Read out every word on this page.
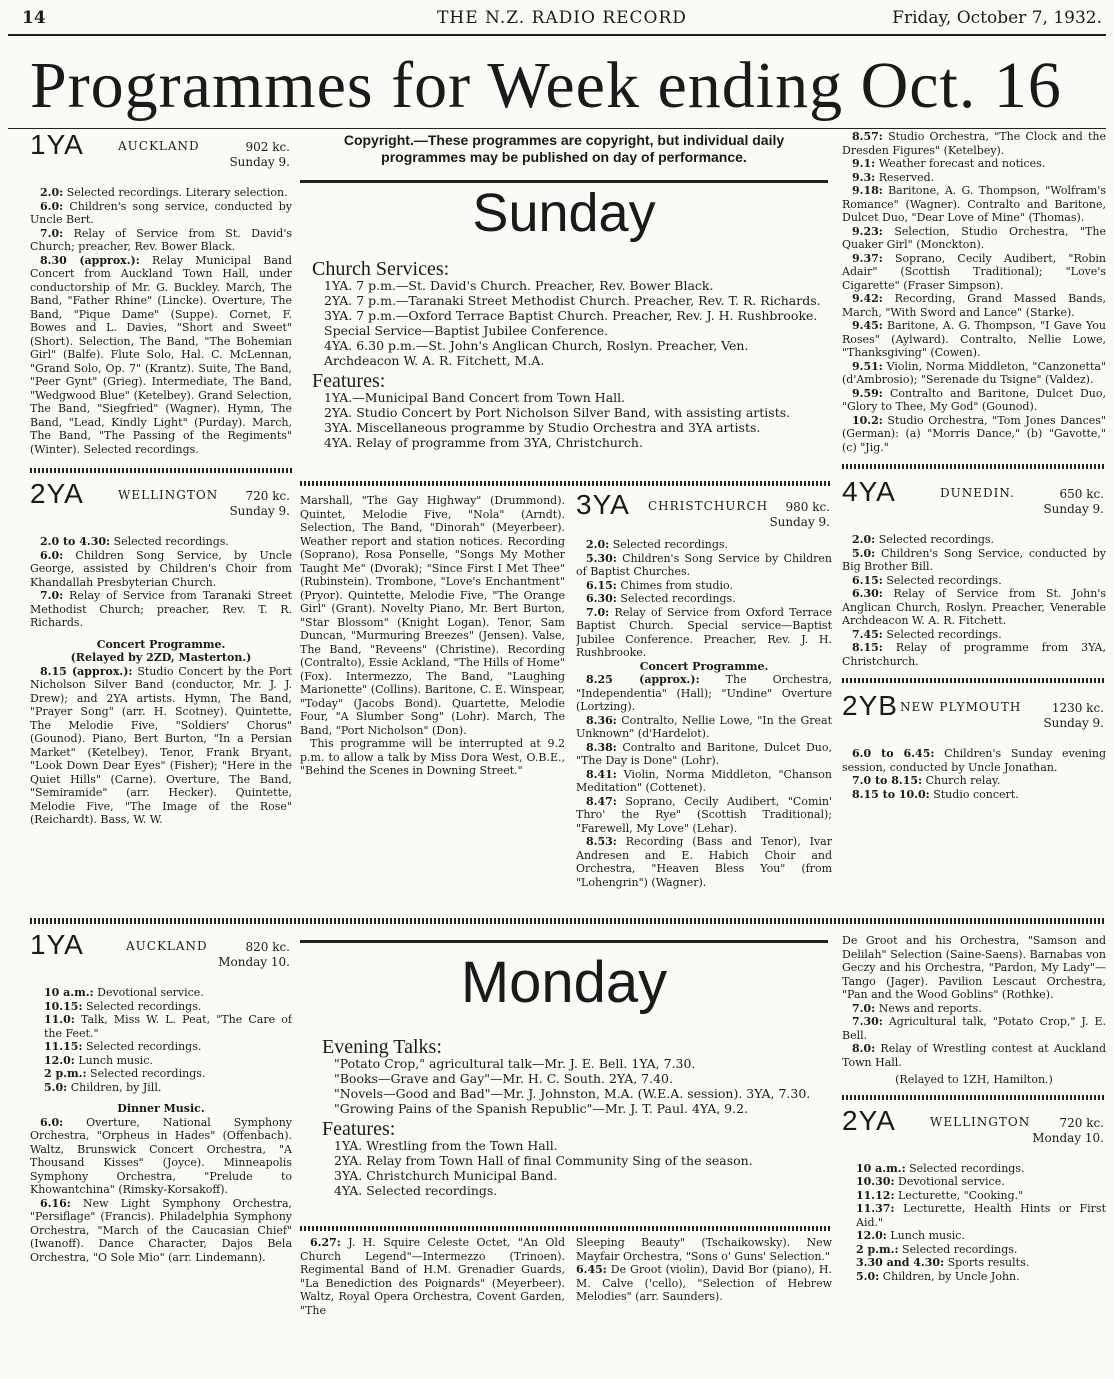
14	THE N.Z. RADIO RECORD	Friday, October 7, 1932.
Programmes for Week ending Oct. 16
1YA	AUCKLAND	902 kc.
Sunday 9.

2.0: Selected recordings. Literary selection.

6.0: Children's song service, conducted by Uncle Bert.

7.0: Relay of Service from St. David's Church; preacher, Rev. Bower Black.

8.30 (approx.): Relay Municipal Band Concert from Auckland Town Hall, under conductorship of Mr. G. Buckley. March, The Band, "Father Rhine" (Lincke). Overture, The Band, "Pique Dame" (Suppe). Cornet, F. Bowes and L. Davies, "Short and Sweet" (Short). Selection, The Band, "The Bohemian Girl" (Balfe). Flute Solo, Hal. C. McLennan, "Grand Solo, Op. 7" (Krantz). Suite, The Band, "Peer Gynt" (Grieg). Intermediate, The Band, "Wedgwood Blue" (Ketelbey). Grand Selection, The Band, "Siegfried" (Wagner). Hymn, The Band, "Lead, Kindly Light" (Purday). March, The Band, "The Passing of the Regiments" (Winter). Selected recordings.

2YA	WELLINGTON	720 kc.
Sunday 9.

2.0 to 4.30: Selected recordings.

6.0: Children Song Service, by Uncle George, assisted by Children's Choir from Khandallah Presbyterian Church.

7.0: Relay of Service from Taranaki Street Methodist Church; preacher, Rev. T. R. Richards.

Concert Programme.

(Relayed by 2ZD, Masterton.)

8.15 (approx.): Studio Concert by the Port Nicholson Silver Band (conductor, Mr. J. J. Drew); and 2YA artists. Hymn, The Band, "Prayer Song" (arr. H. Scotney). Quintette, The Melodie Five, "Soldiers' Chorus" (Gounod). Piano, Bert Burton, "In a Persian Market" (Ketelbey). Tenor, Frank Bryant, "Look Down Dear Eyes" (Fisher); "Here in the Quiet Hills" (Carne). Overture, The Band, "Semiramide" (arr. Hecker). Quintette, Melodie Five, "The Image of the Rose" (Reichardt). Bass, W. W.

Copyright.—These programmes are copyright, but individual daily programmes may be published on day of performance.
Sunday
Church Services:
1YA. 7 p.m.—St. David's Church. Preacher, Rev. Bower Black.
2YA. 7 p.m.—Taranaki Street Methodist Church. Preacher, Rev. T. R. Richards.
3YA. 7 p.m.—Oxford Terrace Baptist Church. Preacher, Rev. J. H. Rushbrooke. Special Service—Baptist Jubilee Conference.
4YA. 6.30 p.m.—St. John's Anglican Church, Roslyn. Preacher, Ven. Archdeacon W. A. R. Fitchett, M.A.
Features:
1YA.—Municipal Band Concert from Town Hall.
2YA. Studio Concert by Port Nicholson Silver Band, with assisting artists.
3YA. Miscellaneous programme by Studio Orchestra and 3YA artists.
4YA. Relay of programme from 3YA, Christchurch.

Marshall, "The Gay Highway" (Drummond). Quintet, Melodie Five, "Nola" (Arndt). Selection, The Band, "Dinorah" (Meyerbeer). Weather report and station notices. Recording (Soprano), Rosa Ponselle, "Songs My Mother Taught Me" (Dvorak); "Since First I Met Thee" (Rubinstein). Trombone, "Love's Enchantment" (Pryor). Quintette, Melodie Five, "The Orange Girl" (Grant). Novelty Piano, Mr. Bert Burton, "Star Blossom" (Knight Logan). Tenor, Sam Duncan, "Murmuring Breezes" (Jensen). Valse, The Band, "Reveens" (Christine). Recording (Contralto), Essie Ackland, "The Hills of Home" (Fox). Intermezzo, The Band, "Laughing Marionette" (Collins). Baritone, C. E. Winspear, "Today" (Jacobs Bond). Quartette, Melodie Four, "A Slumber Song" (Lohr). March, The Band, "Port Nicholson" (Don).

This programme will be interrupted at 9.2 p.m. to allow a talk by Miss Dora West, O.B.E., "Behind the Scenes in Downing Street."

3YA CHRISTCHURCH	980 kc.
Sunday 9.

2.0: Selected recordings.

5.30: Children's Song Service by Children of Baptist Churches.

6.15: Chimes from studio.

6.30: Selected recordings.

7.0: Relay of Service from Oxford Terrace Baptist Church. Special service—Baptist Jubilee Conference. Preacher, Rev. J. H. Rushbrooke.

Concert Programme.

8.25 (approx.): The Orchestra, "Independentia" (Hall); "Undine" Overture (Lortzing).

8.36: Contralto, Nellie Lowe, "In the Great Unknown" (d'Hardelot).

8.38: Contralto and Baritone, Dulcet Duo, "The Day is Done" (Lohr).

8.41: Violin, Norma Middleton, "Chanson Meditation" (Cottenet).

8.47: Soprano, Cecily Audibert, "Comin' Thro' the Rye" (Scottish Traditional); "Farewell, My Love" (Lehar).

8.53: Recording (Bass and Tenor), Ivar Andresen and E. Habich Choir and Orchestra, "Heaven Bless You" (from "Lohengrin") (Wagner).

8.57: Studio Orchestra, "The Clock and the Dresden Figures" (Ketelbey).

9.1: Weather forecast and notices.

9.3: Reserved.

9.18: Baritone, A. G. Thompson, "Wolfram's Romance" (Wagner). Contralto and Baritone, Dulcet Duo, "Dear Love of Mine" (Thomas).

9.23: Selection, Studio Orchestra, "The Quaker Girl" (Monckton).

9.37: Soprano, Cecily Audibert, "Robin Adair" (Scottish Traditional); "Love's Cigarette" (Fraser Simpson).

9.42: Recording, Grand Massed Bands, March, "With Sword and Lance" (Starke).

9.45: Baritone, A. G. Thompson, "I Gave You Roses" (Aylward). Contralto, Nellie Lowe, "Thanksgiving" (Cowen).

9.51: Violin, Norma Middleton, "Canzonetta" (d'Ambrosio); "Serenade du Tsigne" (Valdez).

9.59: Contralto and Baritone, Dulcet Duo, "Glory to Thee, My God" (Gounod).

10.2: Studio Orchestra, "Tom Jones Dances" (German): (a) "Morris Dance," (b) "Gavotte," (c) "Jig."

4YA	DUNEDIN.	650 kc.
Sunday 9.

2.0: Selected recordings.

5.0: Children's Song Service, conducted by Big Brother Bill.

6.15: Selected recordings.

6.30: Relay of Service from St. John's Anglican Church, Roslyn. Preacher, Venerable Archdeacon W. A. R. Fitchett.

7.45: Selected recordings.

8.15: Relay of programme from 3YA, Christchurch.

2YB NEW PLYMOUTH	1230 kc.
Sunday 9.

6.0 to 6.45: Children's Sunday evening session, conducted by Uncle Jonathan.

7.0 to 8.15: Church relay.

8.15 to 10.0: Studio concert.

1YA	AUCKLAND	820 kc.
Monday 10.

10 a.m.: Devotional service.

10.15: Selected recordings.

11.0: Talk, Miss W. L. Peat, "The Care of the Feet."

11.15: Selected recordings.

12.0: Lunch music.

2 p.m.: Selected recordings.

5.0: Children, by Jill.

Dinner Music.

6.0: Overture, National Symphony Orchestra, "Orpheus in Hades" (Offenbach). Waltz, Brunswick Concert Orchestra, "A Thousand Kisses" (Joyce). Minneapolis Symphony Orchestra, "Prelude to Khowantchina" (Rimsky-Korsakoff).

6.16: New Light Symphony Orchestra, "Persiflage" (Francis). Philadelphia Symphony Orchestra, "March of the Caucasian Chief" (Iwanoff). Dance Character, Dajos Bela Orchestra, "O Sole Mio" (arr. Lindemann).

Monday
Evening Talks:
"Potato Crop," agricultural talk—Mr. J. E. Bell. 1YA, 7.30.
"Books—Grave and Gay"—Mr. H. C. South. 2YA, 7.40.
"Novels—Good and Bad"—Mr. J. Johnston, M.A. (W.E.A. session). 3YA, 7.30.
"Growing Pains of the Spanish Republic"—Mr. J. T. Paul. 4YA, 9.2.
Features:
1YA. Wrestling from the Town Hall.
2YA. Relay from Town Hall of final Community Sing of the season.
3YA. Christchurch Municipal Band.
4YA. Selected recordings.

6.27: J. H. Squire Celeste Octet, "An Old Church Legend"—Intermezzo (Trinoen). Regimental Band of H.M. Grenadier Guards, "La Benediction des Poignards" (Meyerbeer). Waltz, Royal Opera Orchestra, Covent Garden, "The

Sleeping Beauty" (Tschaikowsky). New Mayfair Orchestra, "Sons o' Guns' Selection."

6.45: De Groot (violin), David Bor (piano), H. M. Calve ('cello), "Selection of Hebrew Melodies" (arr. Saunders).

De Groot and his Orchestra, "Samson and Delilah" Selection (Saine-Saens). Barnabas von Geczy and his Orchestra, "Pardon, My Lady"—Tango (Jager). Pavilion Lescaut Orchestra, "Pan and the Wood Goblins" (Rothke).

7.0: News and reports.

7.30: Agricultural talk, "Potato Crop," J. E. Bell.

8.0: Relay of Wrestling contest at Auckland Town Hall.

(Relayed to 1ZH, Hamilton.)

2YA	WELLINGTON	720 kc.
Monday 10.

10 a.m.: Selected recordings.

10.30: Devotional service.

11.12: Lecturette, "Cooking."

11.37: Lecturette, Health Hints or First Aid."

12.0: Lunch music.

2 p.m.: Selected recordings.

3.30 and 4.30: Sports results.

5.0: Children, by Uncle John.
